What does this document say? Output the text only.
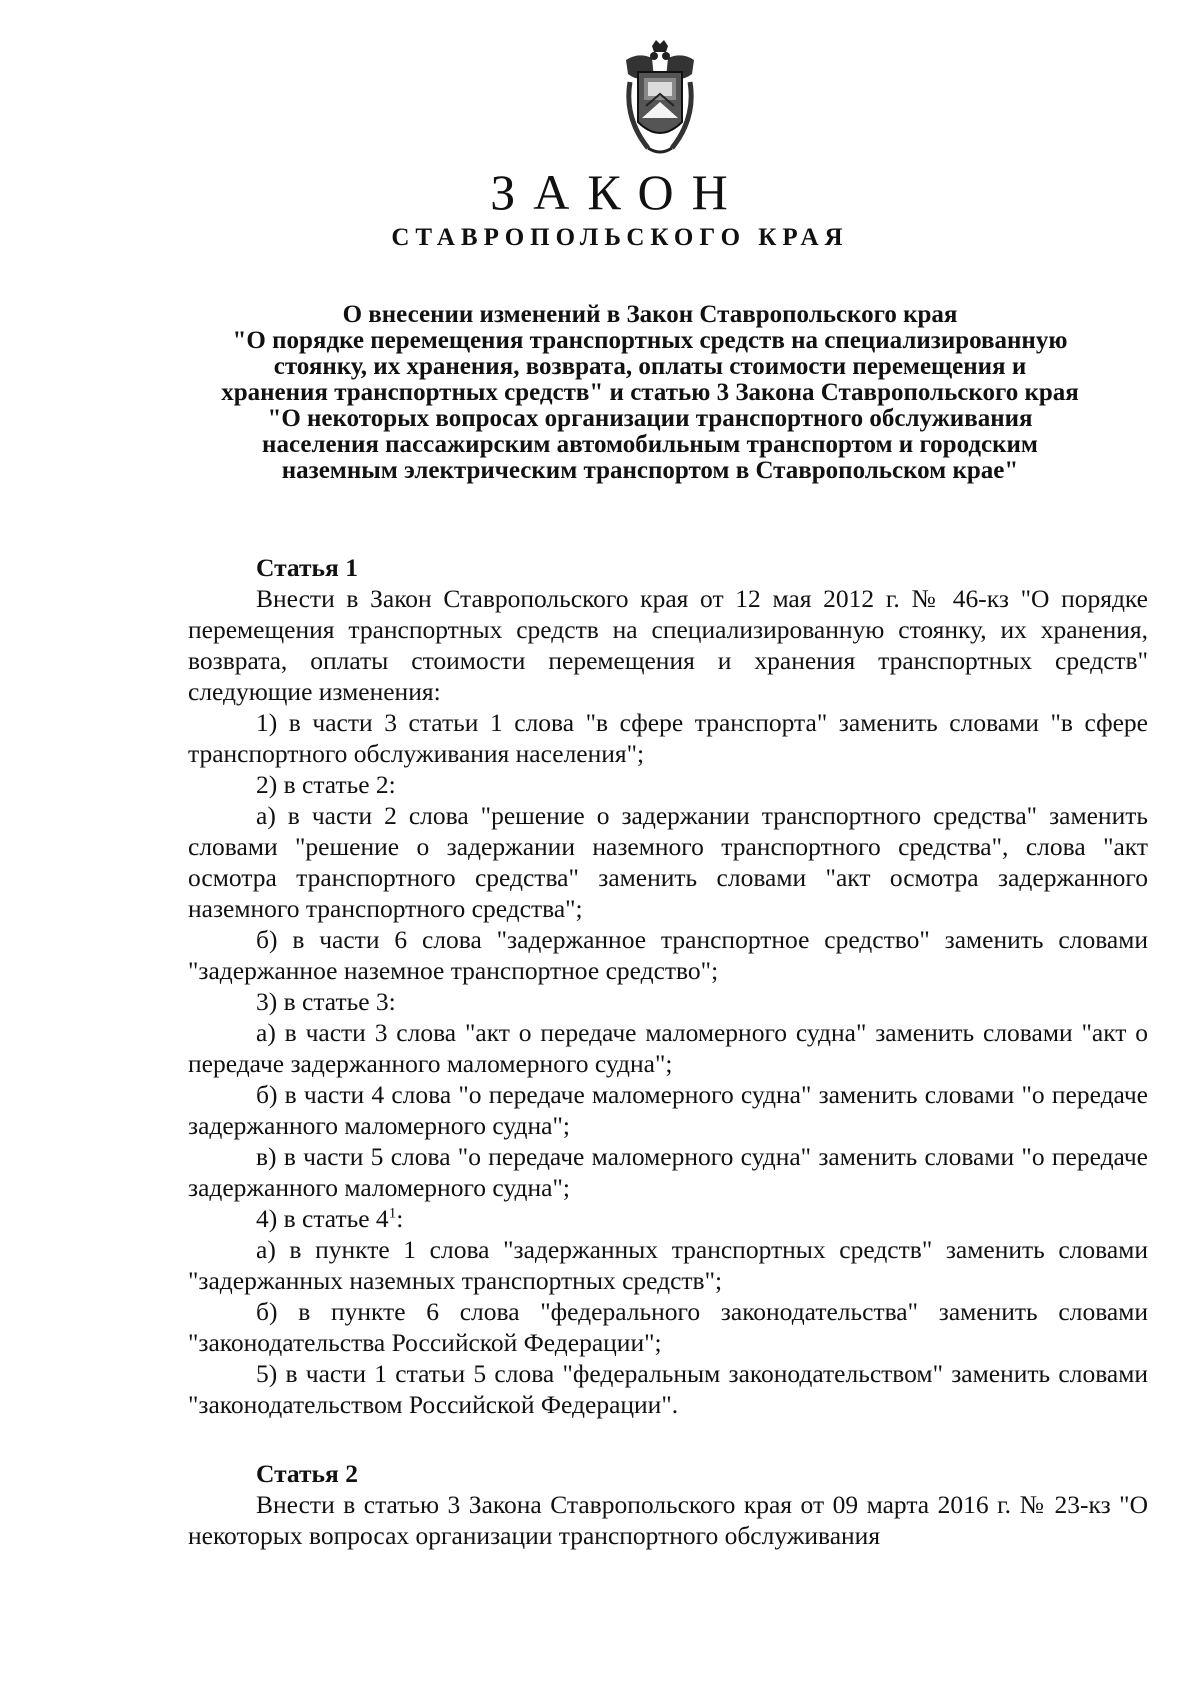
ЗАКОН
СТАВРОПОЛЬСКОГО КРАЯ
О внесении изменений в Закон Ставропольского края
"О порядке перемещения транспортных средств на специализированную
стоянку, их хранения, возврата, оплаты стоимости перемещения и
хранения транспортных средств" и статью 3 Закона Ставропольского края
"О некоторых вопросах организации транспортного обслуживания
населения пассажирским автомобильным транспортом и городским
наземным электрическим транспортом в Ставропольском крае"
Статья 1
Внести в Закон Ставропольского края от 12 мая 2012 г. № 46-кз "О порядке перемещения транспортных средств на специализированную стоянку, их хранения, возврата, оплаты стоимости перемещения и хранения транспортных средств" следующие изменения:
1) в части 3 статьи 1 слова "в сфере транспорта" заменить словами "в сфере транспортного обслуживания населения";
2) в статье 2:
а) в части 2 слова "решение о задержании транспортного средства" заменить словами "решение о задержании наземного транспортного средства", слова "акт осмотра транспортного средства" заменить словами "акт осмотра задержанного наземного транспортного средства";
б) в части 6 слова "задержанное транспортное средство" заменить словами "задержанное наземное транспортное средство";
3) в статье 3:
а) в части 3 слова "акт о передаче маломерного судна" заменить словами "акт о передаче задержанного маломерного судна";
б) в части 4 слова "о передаче маломерного судна" заменить словами "о передаче задержанного маломерного судна";
в) в части 5 слова "о передаче маломерного судна" заменить словами "о передаче задержанного маломерного судна";
4) в статье $4^1$:
а) в пункте 1 слова "задержанных транспортных средств" заменить словами "задержанных наземных транспортных средств";
б) в пункте 6 слова "федерального законодательства" заменить словами "законодательства Российской Федерации";
5) в части 1 статьи 5 слова "федеральным законодательством" заменить словами "законодательством Российской Федерации".
Статья 2
Внести в статью 3 Закона Ставропольского края от 09 марта 2016 г. № 23-кз "О некоторых вопросах организации транспортного обслуживания
